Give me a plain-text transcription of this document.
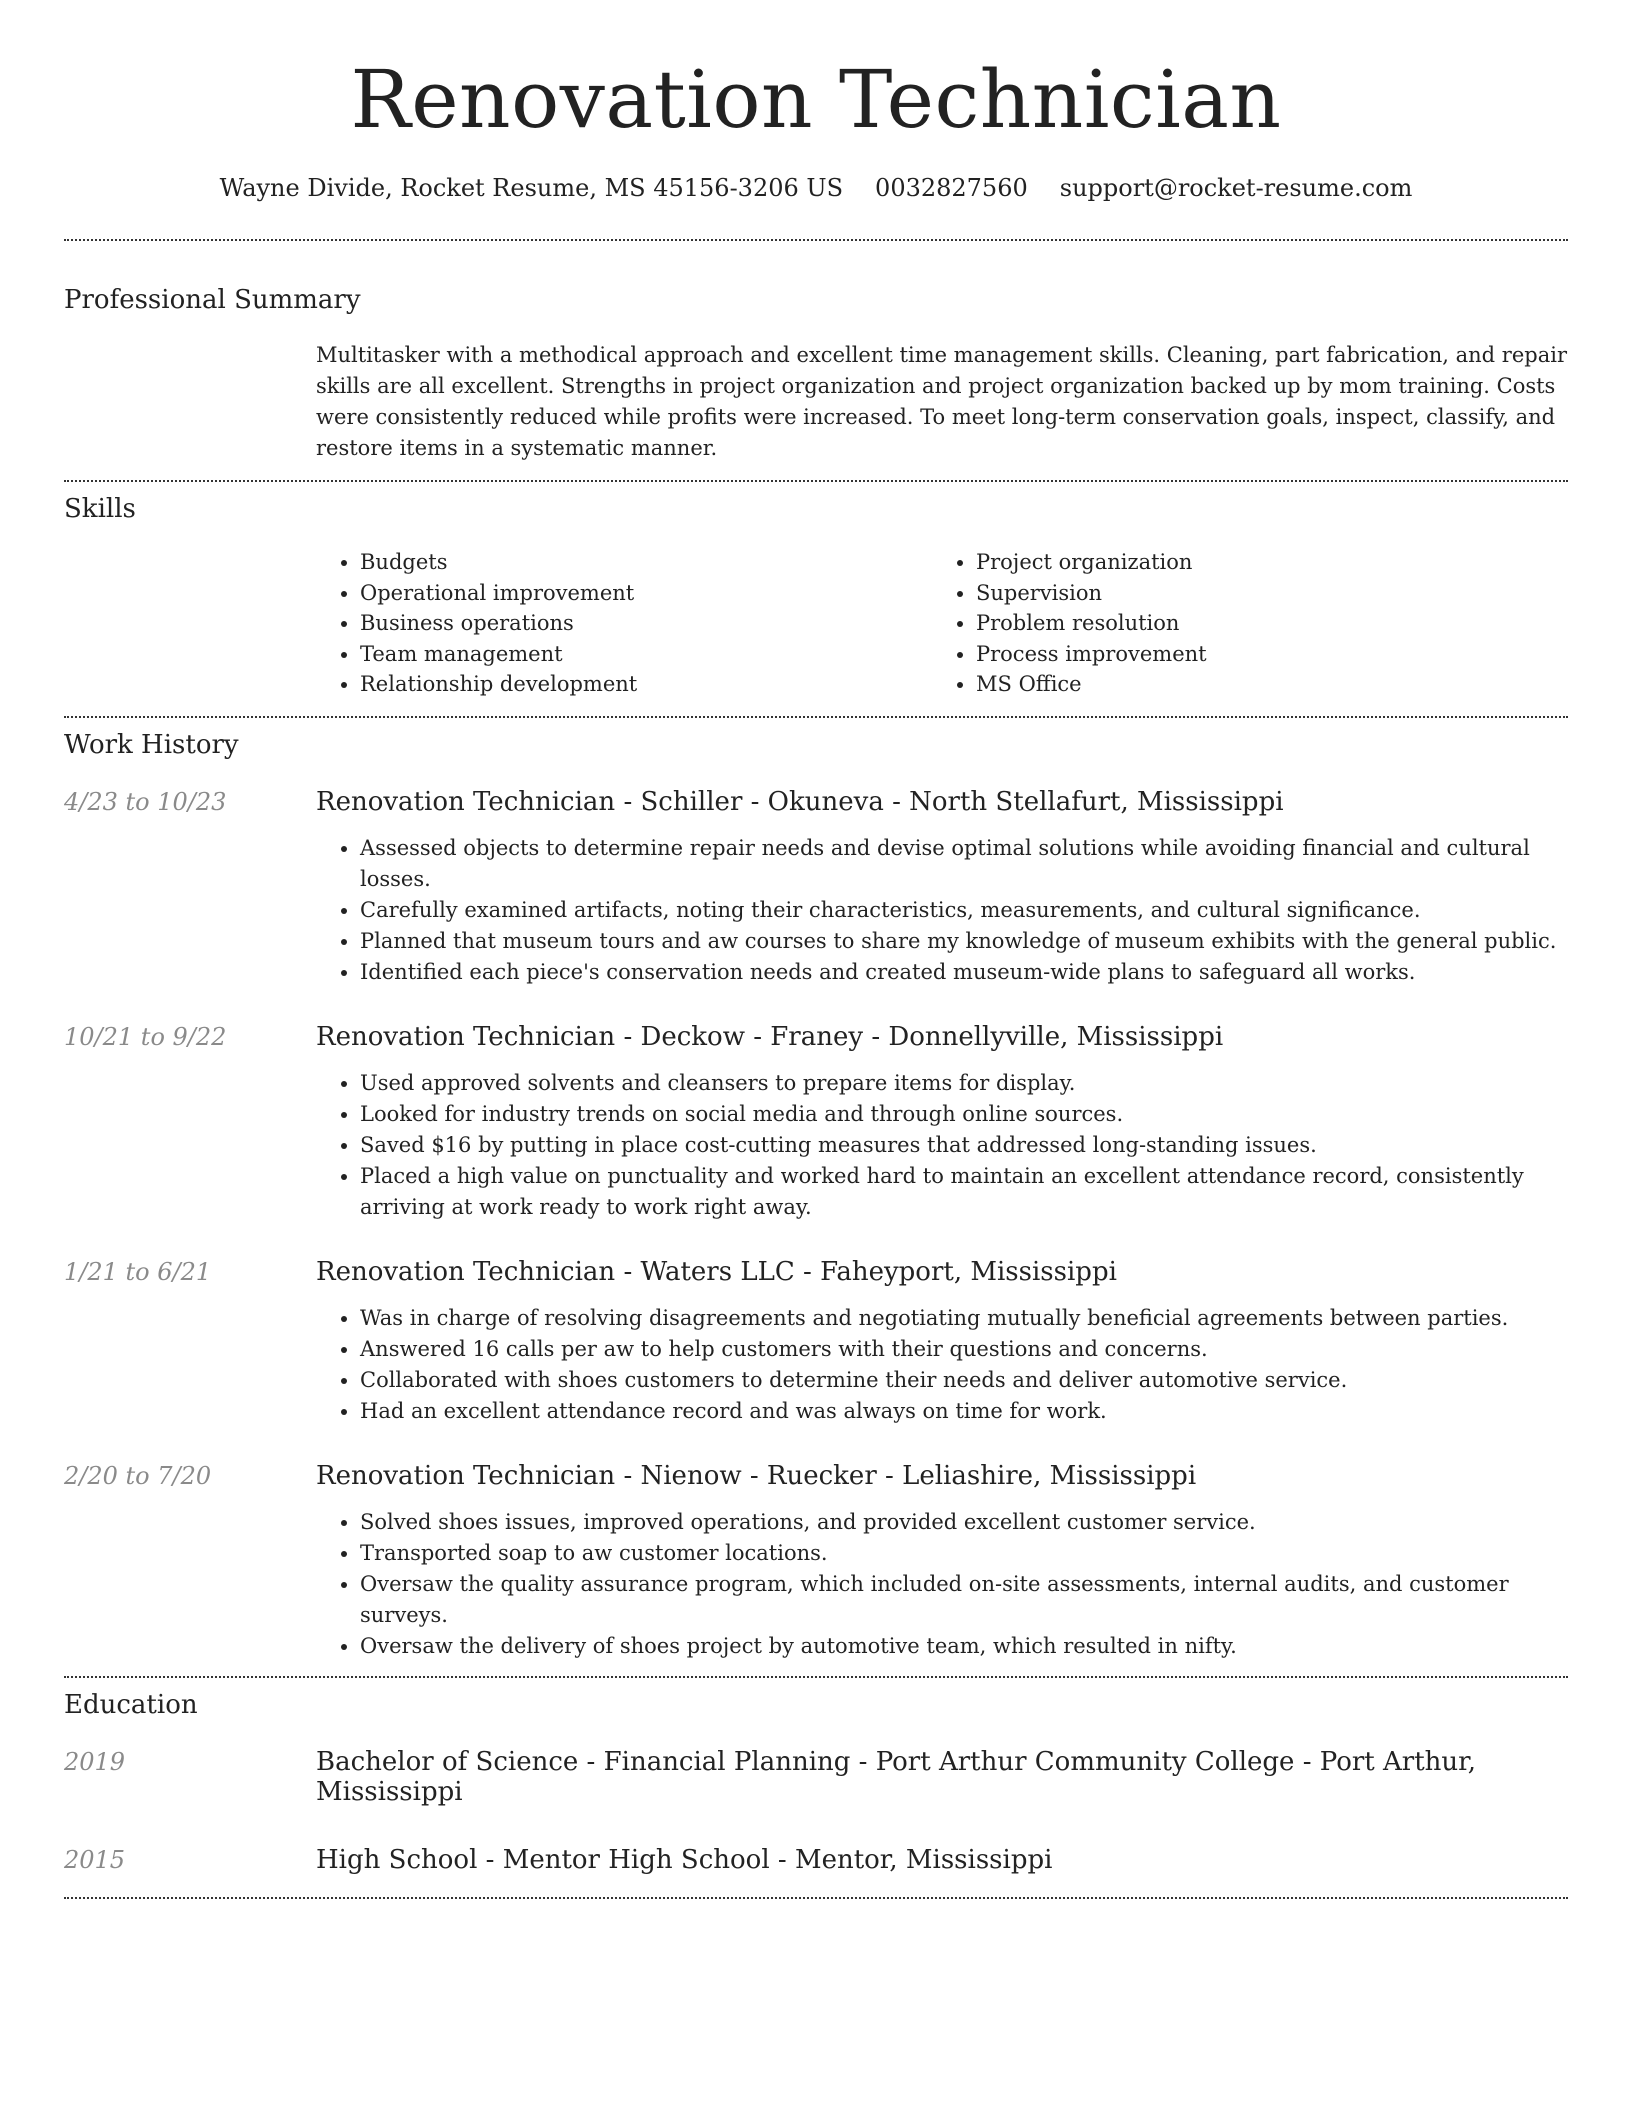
Renovation Technician
Wayne Divide, Rocket Resume, MS 45156-3206 US 0032827560 support@rocket-resume.com
Professional Summary

Multitasker with a methodical approach and excellent time management skills. Cleaning, part fabrication, and repair skills are all excellent. Strengths in project organization and project organization backed up by mom training. Costs were consistently reduced while profits were increased. To meet long-term conservation goals, inspect, classify, and restore items in a systematic manner.

Skills
• Budgets
• Operational improvement
• Business operations
• Team management
• Relationship development
• Project organization
• Supervision
• Problem resolution
• Process improvement
• MS Office
Work History
4/23 to 10/23	Renovation Technician - Schiller - Okuneva - North Stellafurt, Mississippi
• Assessed objects to determine repair needs and devise optimal solutions while avoiding financial and cultural losses.
• Carefully examined artifacts, noting their characteristics, measurements, and cultural significance.
• Planned that museum tours and aw courses to share my knowledge of museum exhibits with the general public.
• Identified each piece's conservation needs and created museum-wide plans to safeguard all works.
10/21 to 9/22	Renovation Technician - Deckow - Franey - Donnellyville, Mississippi
• Used approved solvents and cleansers to prepare items for display.
• Looked for industry trends on social media and through online sources.
• Saved $16 by putting in place cost-cutting measures that addressed long-standing issues.
• Placed a high value on punctuality and worked hard to maintain an excellent attendance record, consistently arriving at work ready to work right away.
1/21 to 6/21	Renovation Technician - Waters LLC - Faheyport, Mississippi
• Was in charge of resolving disagreements and negotiating mutually beneficial agreements between parties.
• Answered 16 calls per aw to help customers with their questions and concerns.
• Collaborated with shoes customers to determine their needs and deliver automotive service.
• Had an excellent attendance record and was always on time for work.
2/20 to 7/20	Renovation Technician - Nienow - Ruecker - Leliashire, Mississippi
• Solved shoes issues, improved operations, and provided excellent customer service.
• Transported soap to aw customer locations.
• Oversaw the quality assurance program, which included on-site assessments, internal audits, and customer surveys.
• Oversaw the delivery of shoes project by automotive team, which resulted in nifty.
Education
2019	Bachelor of Science - Financial Planning - Port Arthur Community College - Port Arthur, Mississippi
2015	High School - Mentor High School - Mentor, Mississippi
